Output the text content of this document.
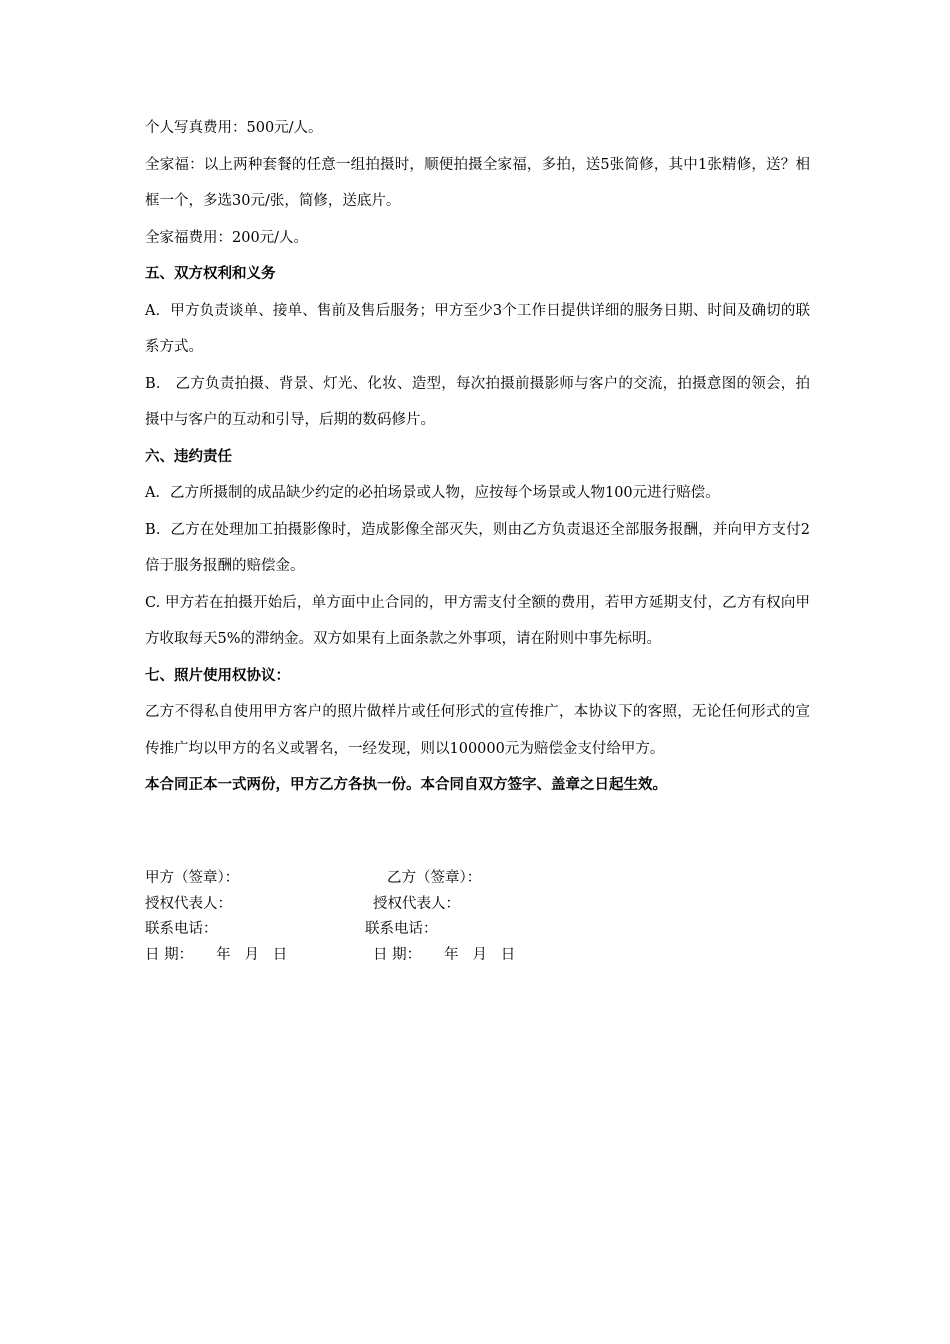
个人写真费用：500元/人。

全家福：以上两种套餐的任意一组拍摄时，顺便拍摄全家福，多拍，送5张简修，其中1张精修，送？相框一个，多选30元/张，简修，送底片。

全家福费用：200元/人。

五、双方权利和义务

A．甲方负责谈单、接单、售前及售后服务；甲方至少3个工作日提供详细的服务日期、时间及确切的联系方式。

B． 乙方负责拍摄、背景、灯光、化妆、造型，每次拍摄前摄影师与客户的交流，拍摄意图的领会，拍摄中与客户的互动和引导，后期的数码修片。

六、违约责任

A．乙方所摄制的成品缺少约定的必拍场景或人物，应按每个场景或人物100元进行赔偿。

B．乙方在处理加工拍摄影像时，造成影像全部灭失，则由乙方负责退还全部服务报酬，并向甲方支付2倍于服务报酬的赔偿金。

C. 甲方若在拍摄开始后，单方面中止合同的，甲方需支付全额的费用，若甲方延期支付，乙方有权向甲方收取每天5%的滞纳金。双方如果有上面条款之外事项，请在附则中事先标明。

七、照片使用权协议：

乙方不得私自使用甲方客户的照片做样片或任何形式的宣传推广，本协议下的客照，无论任何形式的宣传推广均以甲方的名义或署名，一经发现，则以100000元为赔偿金支付给甲方。

本合同正本一式两份，甲方乙方各执一份。本合同自双方签字、盖章之日起生效。

甲方（签章）：	乙方（签章）：
授权代表人：	授权代表人：
联系电话：	联系电话：
日 期：     年   月   日	日 期：     年   月   日
